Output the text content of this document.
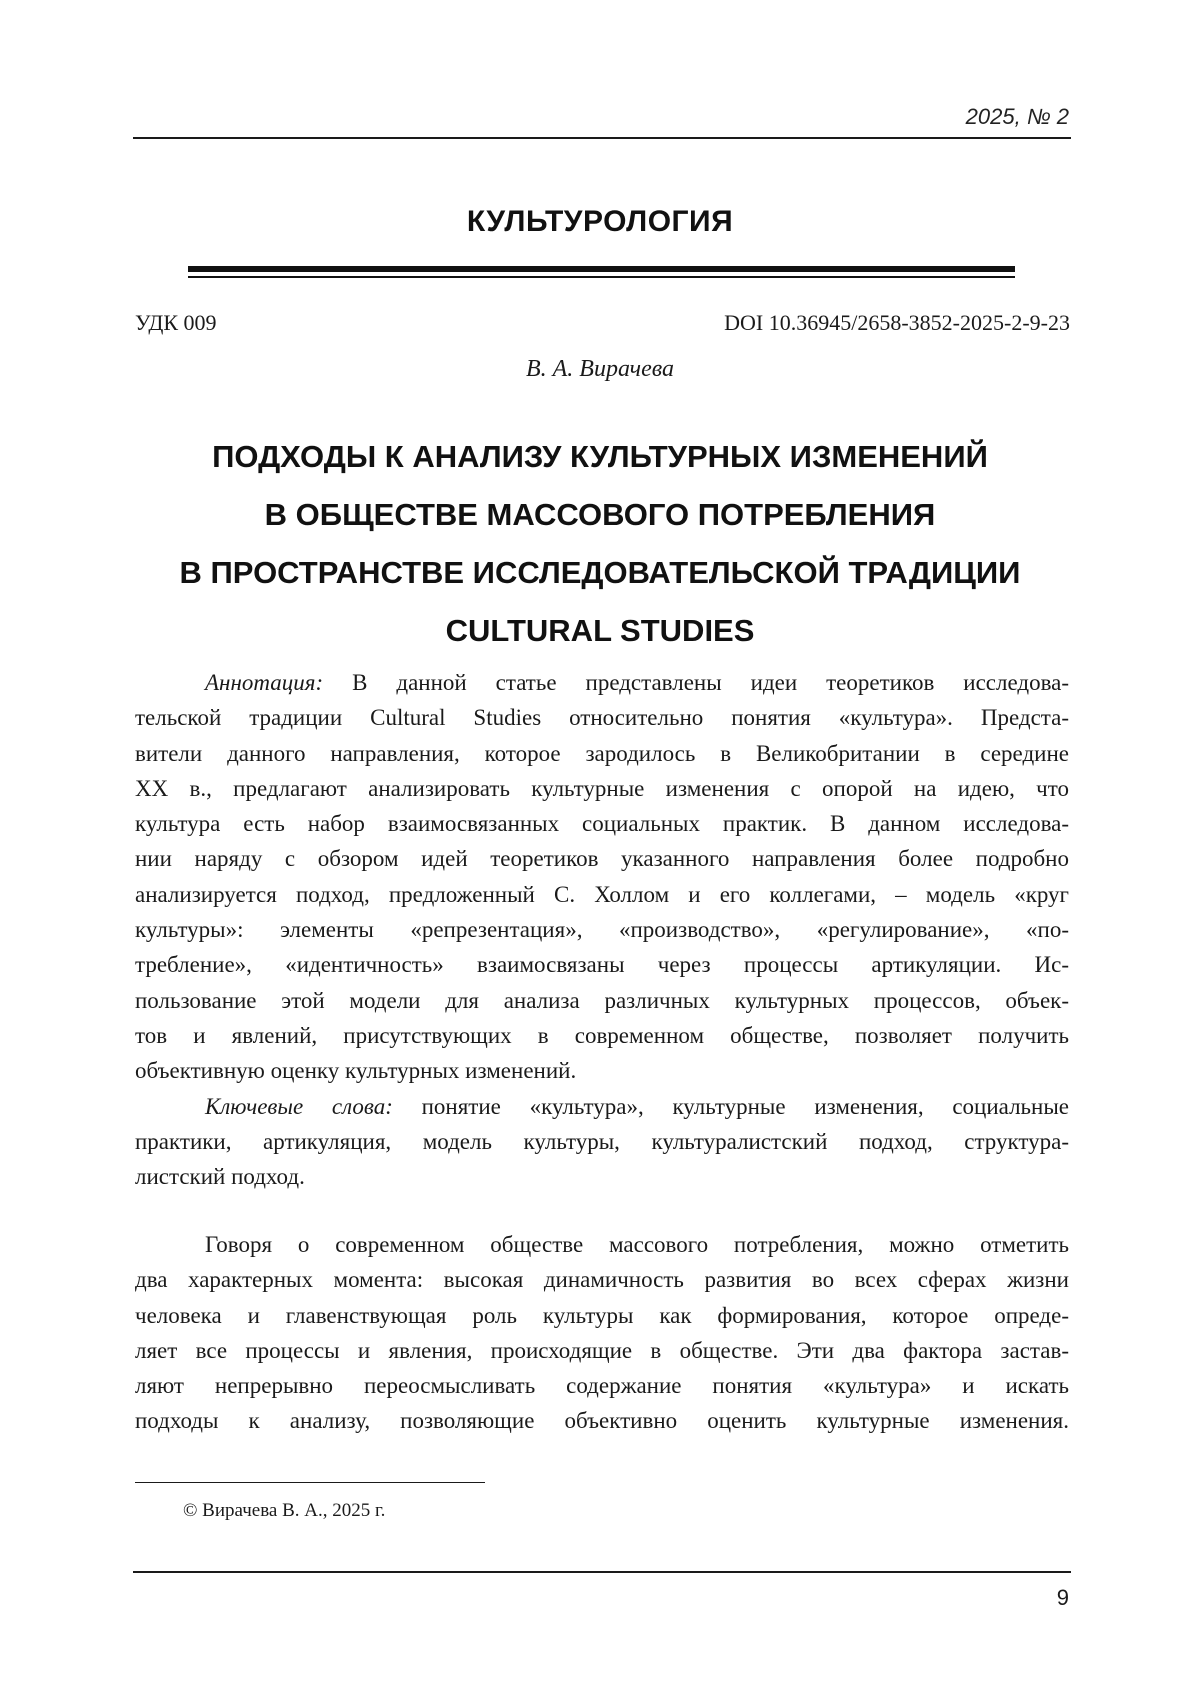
2025, № 2
КУЛЬТУРОЛОГИЯ
УДК 009	DOI 10.36945/2658-3852-2025-2-9-23
В. А. Вирачева
ПОДХОДЫ К АНАЛИЗУ КУЛЬТУРНЫХ ИЗМЕНЕНИЙ
В ОБЩЕСТВЕ МАССОВОГО ПОТРЕБЛЕНИЯ
В ПРОСТРАНСТВЕ ИССЛЕДОВАТЕЛЬСКОЙ ТРАДИЦИИ
CULTURAL STUDIES
Аннотация: В данной статье представлены идеи теоретиков исследова-
тельской традиции Cultural Studies относительно понятия «культура». Предста-
вители данного направления, которое зародилось в Великобритании в середине
XX в., предлагают анализировать культурные изменения с опорой на идею, что
культура есть набор взаимосвязанных социальных практик. В данном исследова-
нии наряду с обзором идей теоретиков указанного направления более подробно
анализируется подход, предложенный С. Холлом и его коллегами, – модель «круг
культуры»: элементы «репрезентация», «производство», «регулирование», «по-
требление», «идентичность» взаимосвязаны через процессы артикуляции. Ис-
пользование этой модели для анализа различных культурных процессов, объек-
тов и явлений, присутствующих в современном обществе, позволяет получить
объективную оценку культурных изменений.
Ключевые слова: понятие «культура», культурные изменения, социальные
практики, артикуляция, модель культуры, культуралистский подход, структура-
листский подход.
Говоря о современном обществе массового потребления, можно отметить
два характерных момента: высокая динамичность развития во всех сферах жизни
человека и главенствующая роль культуры как формирования, которое опреде-
ляет все процессы и явления, происходящие в обществе. Эти два фактора застав-
ляют непрерывно переосмысливать содержание понятия «культура» и искать
подходы к анализу, позволяющие объективно оценить культурные изменения.
© Вирачева В. А., 2025 г.
9
